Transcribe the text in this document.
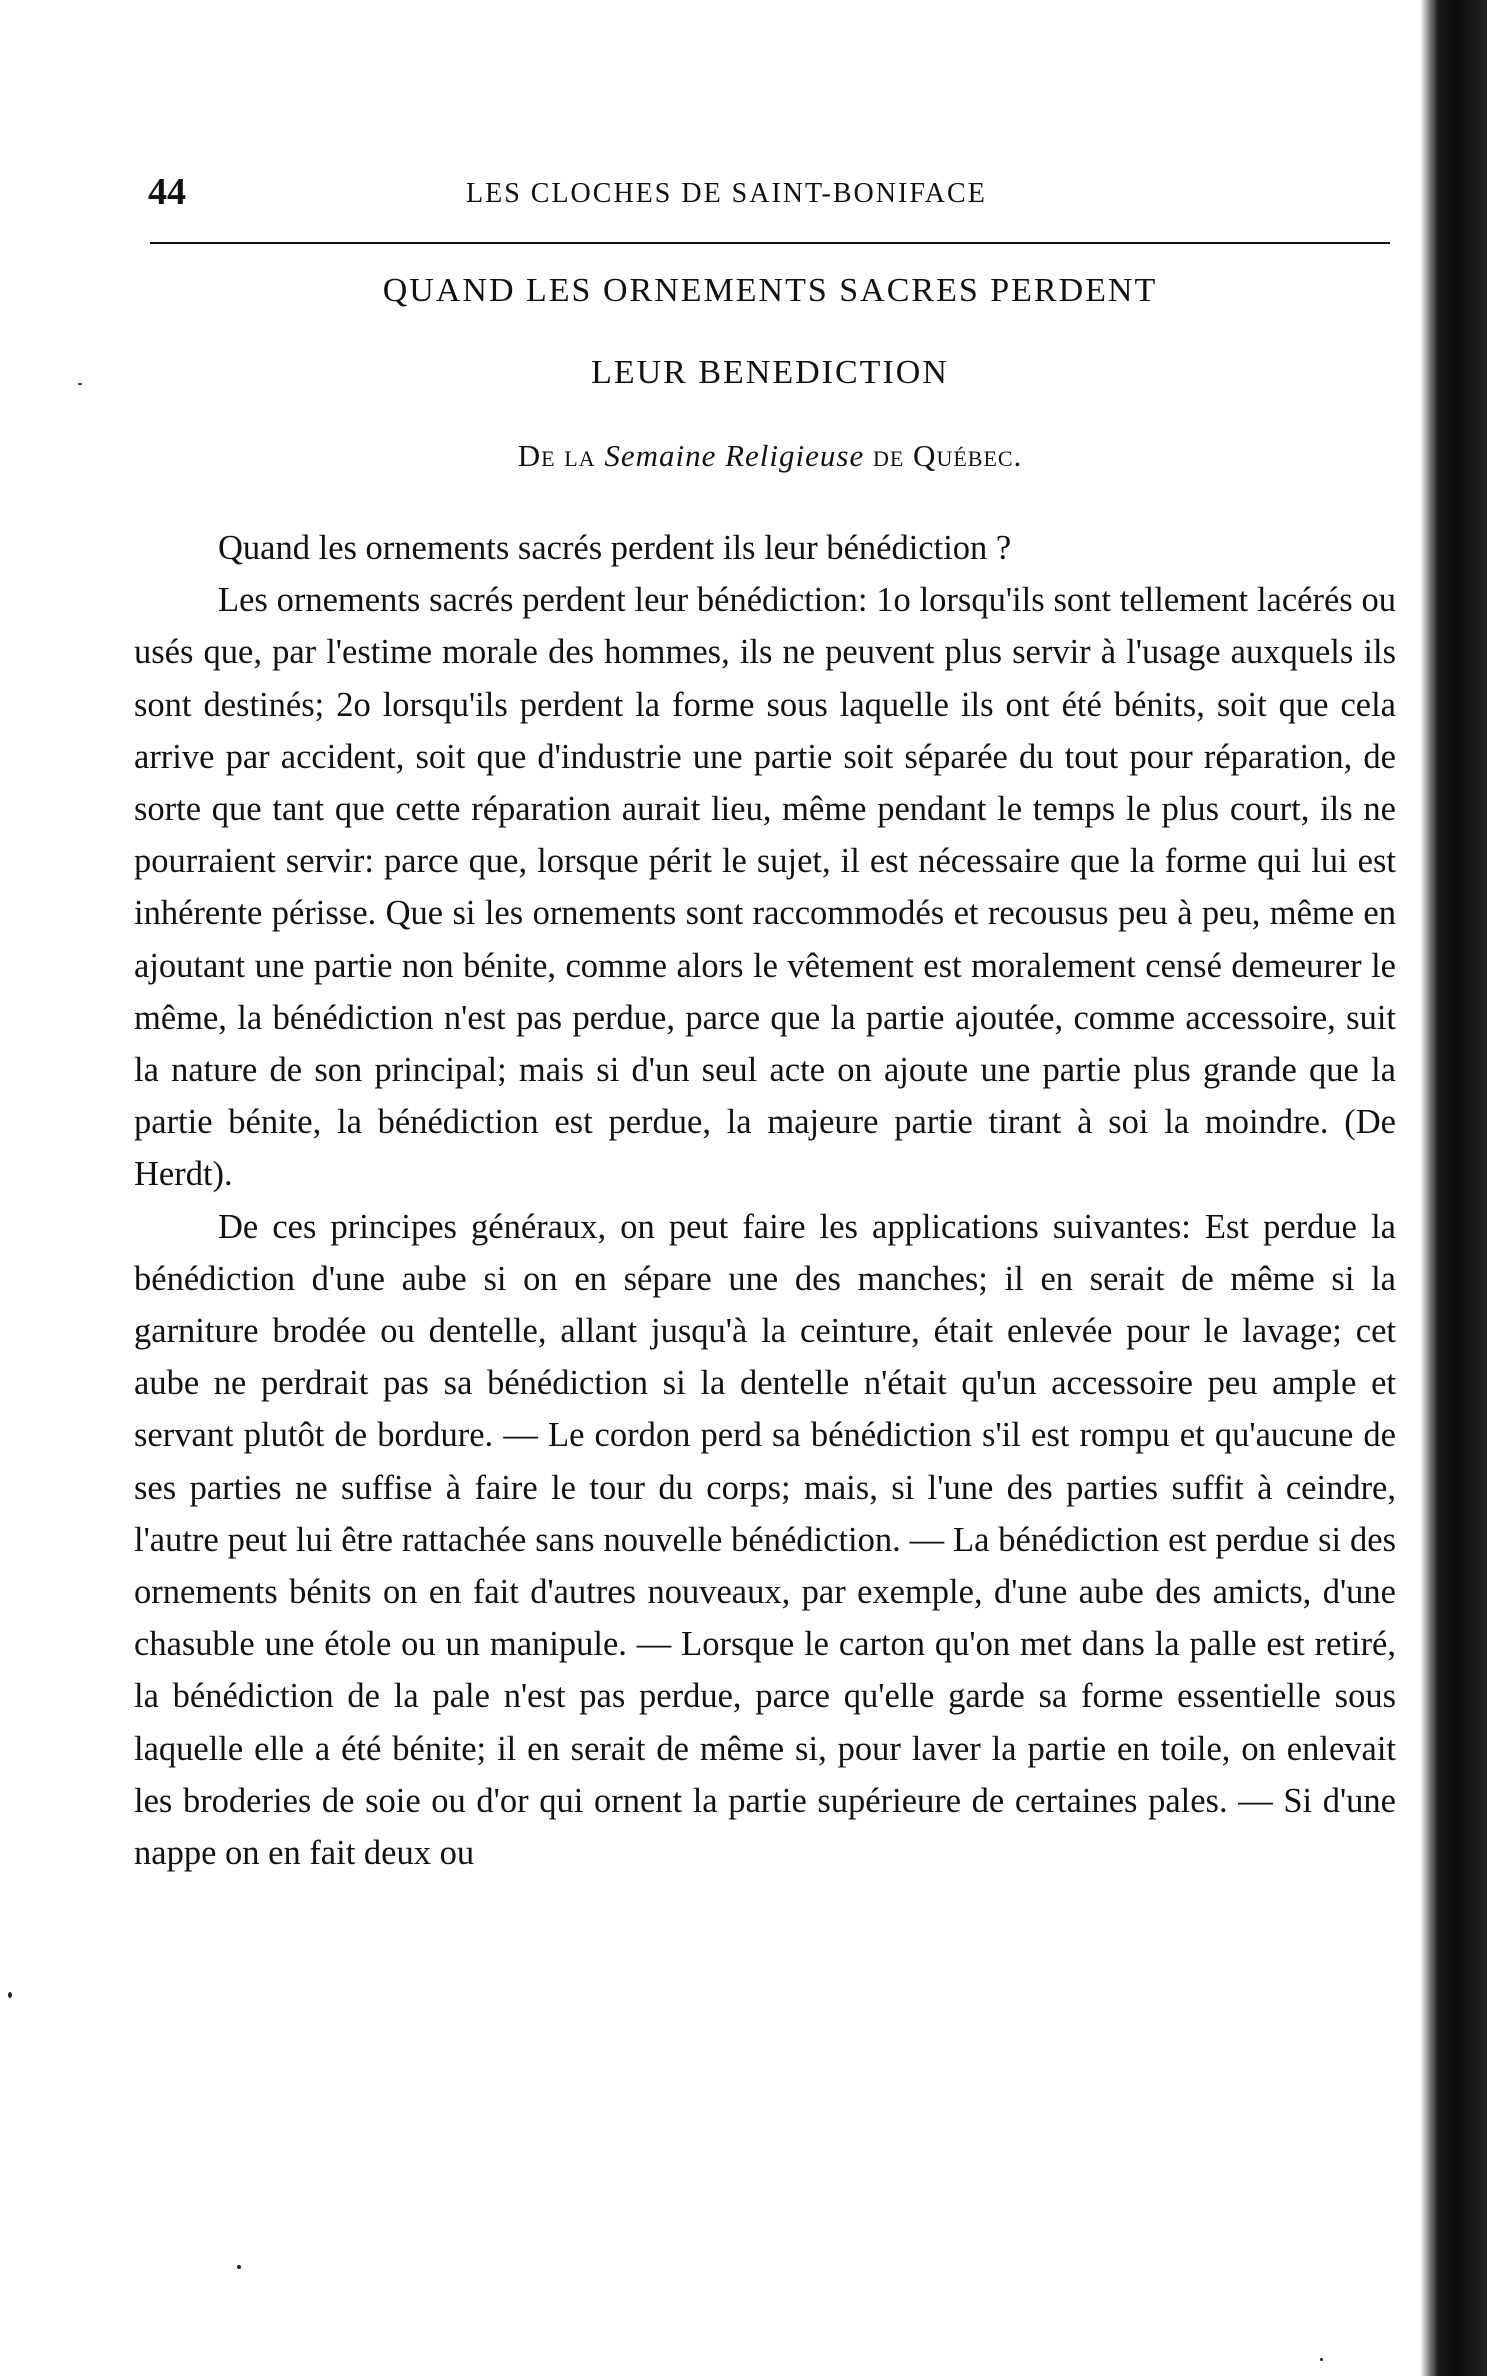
44	LES CLOCHES DE SAINT-BONIFACE
QUAND LES ORNEMENTS SACRES PERDENT
LEUR BENEDICTION
De la Semaine Religieuse de Québec.

Quand les ornements sacrés perdent ils leur bénédiction ?

Les ornements sacrés perdent leur bénédiction: 1o lorsqu'ils sont tellement lacérés ou usés que, par l'estime morale des hommes, ils ne peuvent plus servir à l'usage auxquels ils sont destinés; 2o lorsqu'ils perdent la forme sous laquelle ils ont été bénits, soit que cela arrive par accident, soit que d'industrie une partie soit séparée du tout pour réparation, de sorte que tant que cette réparation aurait lieu, même pendant le temps le plus court, ils ne pourraient servir: parce que, lorsque périt le sujet, il est nécessaire que la forme qui lui est inhérente périsse. Que si les ornements sont raccommodés et recousus peu à peu, même en ajoutant une partie non bénite, comme alors le vêtement est moralement censé demeurer le même, la bénédiction n'est pas perdue, parce que la partie ajoutée, comme accessoire, suit la nature de son principal; mais si d'un seul acte on ajoute une partie plus grande que la partie bénite, la bénédiction est perdue, la majeure partie tirant à soi la moindre. (De Herdt).

De ces principes généraux, on peut faire les applications suivantes: Est perdue la bénédiction d'une aube si on en sépare une des manches; il en serait de même si la garniture brodée ou dentelle, allant jusqu'à la ceinture, était enlevée pour le lavage; cet aube ne perdrait pas sa bénédiction si la dentelle n'était qu'un accessoire peu ample et servant plutôt de bordure. — Le cordon perd sa bénédiction s'il est rompu et qu'aucune de ses parties ne suffise à faire le tour du corps; mais, si l'une des parties suffit à ceindre, l'autre peut lui être rattachée sans nouvelle bénédiction. — La bénédiction est perdue si des ornements bénits on en fait d'autres nouveaux, par exemple, d'une aube des amicts, d'une chasuble une étole ou un manipule. — Lorsque le carton qu'on met dans la palle est retiré, la bénédiction de la pale n'est pas perdue, parce qu'elle garde sa forme essentielle sous laquelle elle a été bénite; il en serait de même si, pour laver la partie en toile, on enlevait les broderies de soie ou d'or qui ornent la partie supérieure de certaines pales. — Si d'une nappe on en fait deux ou
